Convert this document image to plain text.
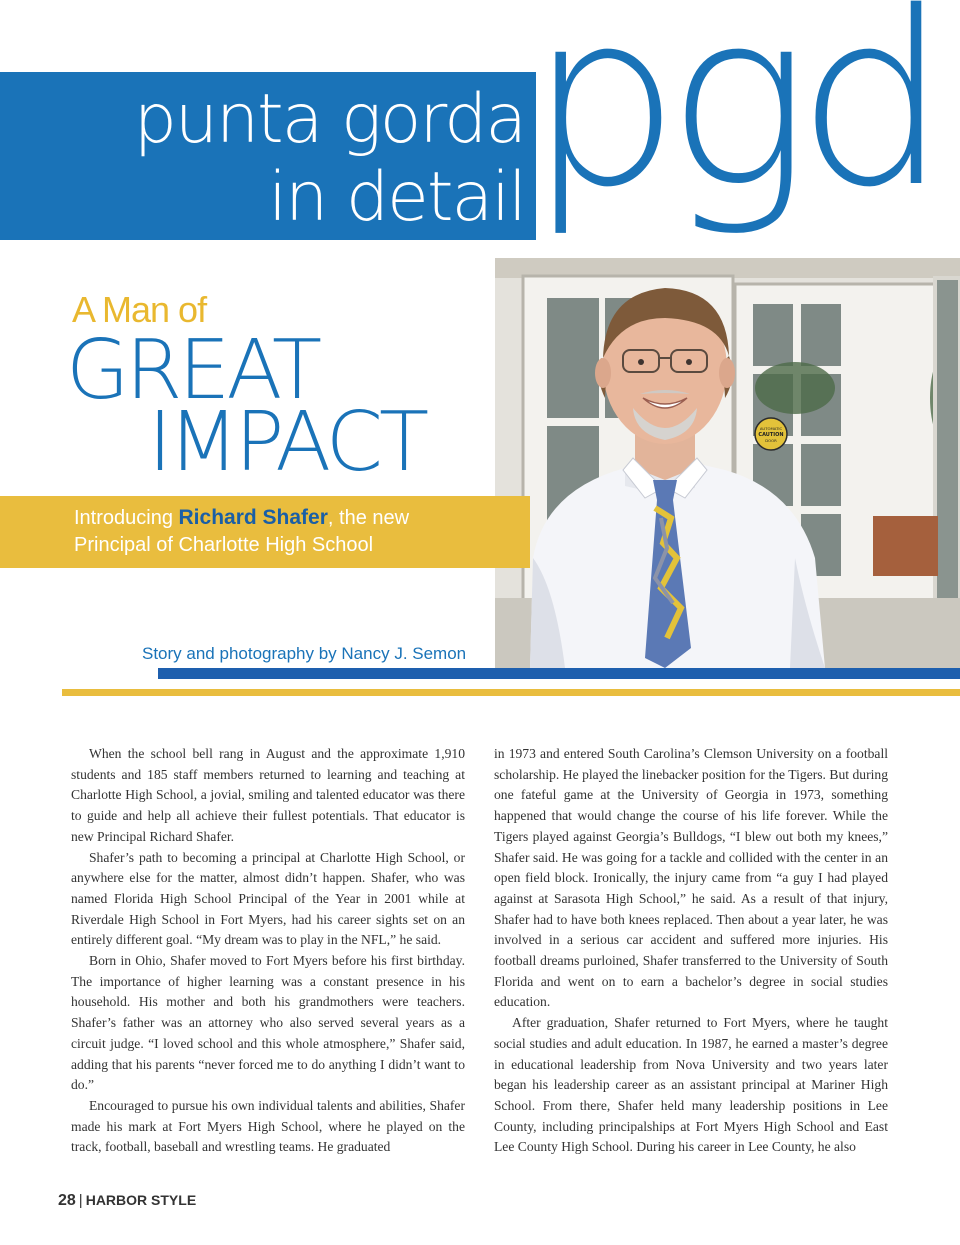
punta gorda
in detail pgd
AUTOMATIC
CAUTION
DOOR
A Man of
GREAT
IMPACT
Introducing Richard Shafer, the new
Principal of Charlotte High School
Story and photography by Nancy J. Semon

When the school bell rang in August and the approximate 1,910 students and 185 staff members returned to learning and teaching at Charlotte High School, a jovial, smiling and talented educator was there to guide and help all achieve their fullest potentials. That educator is new Principal Richard Shafer.

Shafer’s path to becoming a principal at Charlotte High School, or anywhere else for the matter, almost didn’t happen. Shafer, who was named Florida High School Principal of the Year in 2001 while at Riverdale High School in Fort Myers, had his career sights set on an entirely different goal. “My dream was to play in the NFL,” he said.

Born in Ohio, Shafer moved to Fort Myers before his first birthday. The importance of higher learning was a constant presence in his household. His mother and both his grandmothers were teachers. Shafer’s father was an attorney who also served several years as a circuit judge. “I loved school and this whole atmosphere,” Shafer said, adding that his parents “never forced me to do anything I didn’t want to do.”

Encouraged to pursue his own individual talents and abilities, Shafer made his mark at Fort Myers High School, where he played on the track, football, baseball and wrestling teams. He graduated

in 1973 and entered South Carolina’s Clemson University on a football scholarship. He played the linebacker position for the Tigers. But during one fateful game at the University of Georgia in 1973, something happened that would change the course of his life forever. While the Tigers played against Georgia’s Bulldogs, “I blew out both my knees,” Shafer said. He was going for a tackle and collided with the center in an open field block. Ironically, the injury came from “a guy I had played against at Sarasota High School,” he said. As a result of that injury, Shafer had to have both knees replaced. Then about a year later, he was involved in a serious car accident and suffered more injuries. His football dreams purloined, Shafer transferred to the University of South Florida and went on to earn a bachelor’s degree in social studies education.

After graduation, Shafer returned to Fort Myers, where he taught social studies and adult education. In 1987, he earned a master’s degree in educational leadership from Nova University and two years later began his leadership career as an assistant principal at Mariner High School. From there, Shafer held many leadership positions in Lee County, including principalships at Fort Myers High School and East Lee County High School. During his career in Lee County, he also

28 | HARBOR STYLE
